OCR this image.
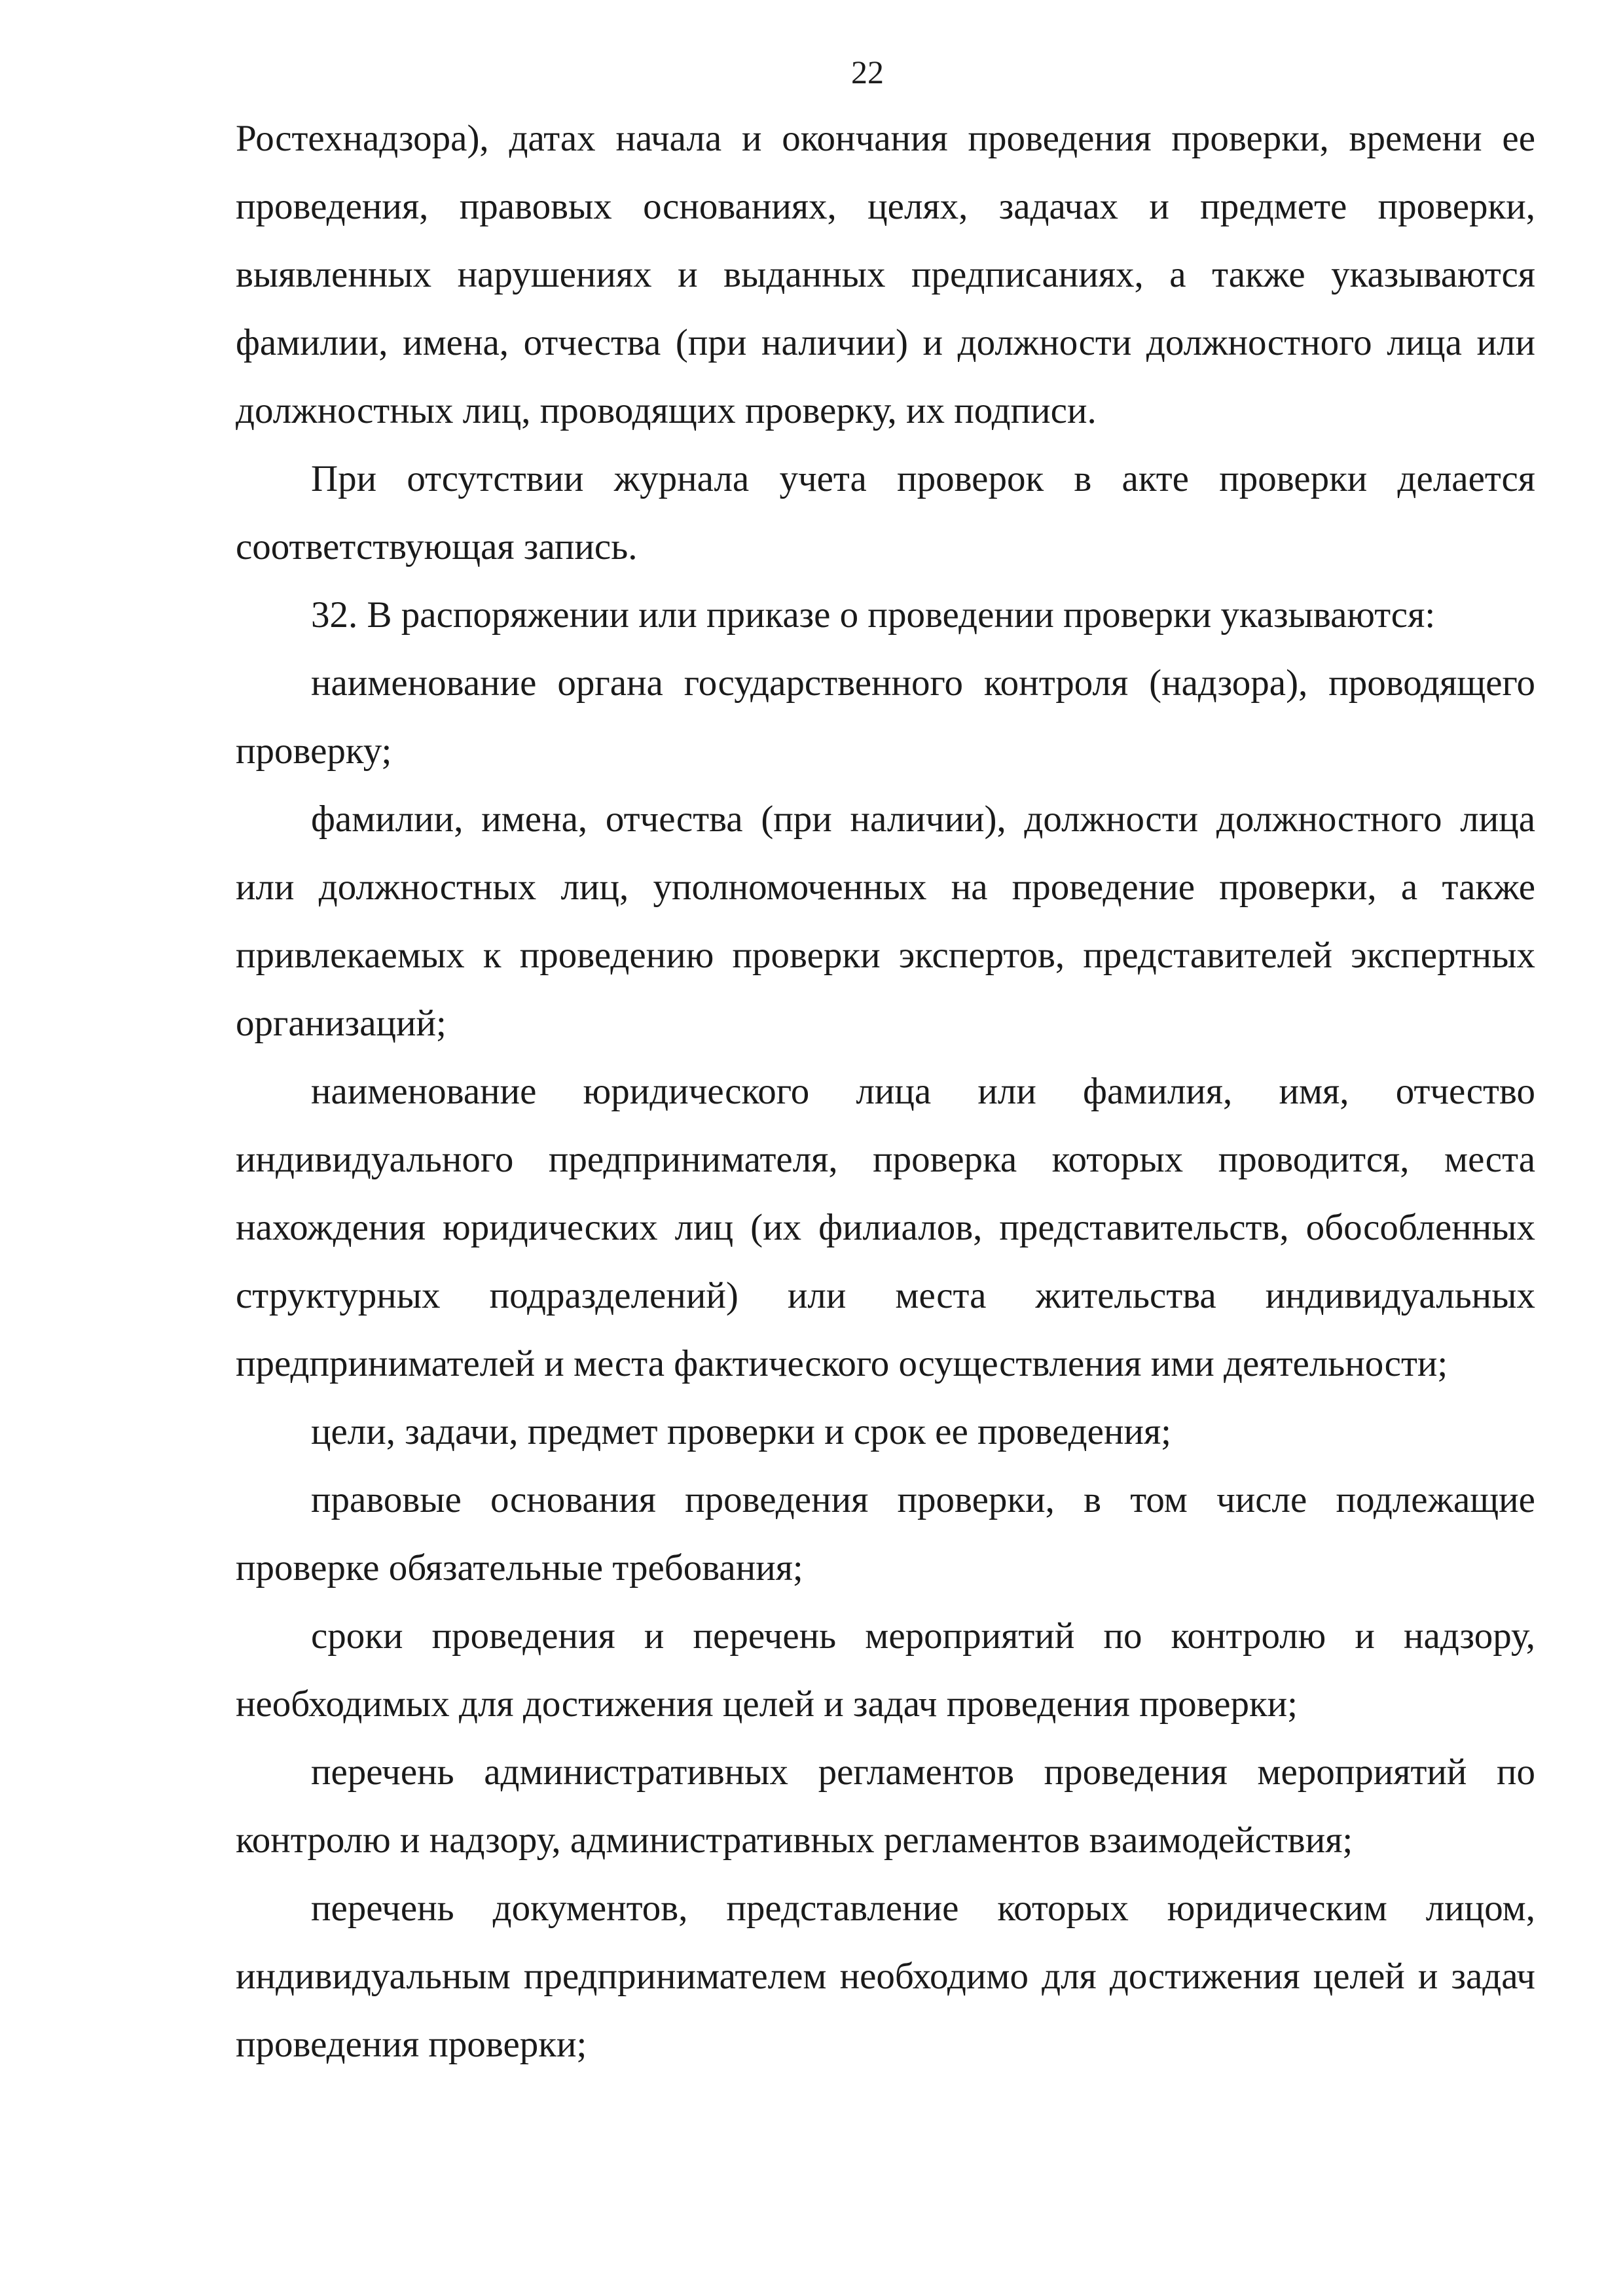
22

Ростехнадзора), датах начала и окончания проведения проверки, времени ее проведения, правовых основаниях, целях, задачах и предмете проверки, выявленных нарушениях и выданных предписаниях, а также указываются фамилии, имена, отчества (при наличии) и должности должностного лица или должностных лиц, проводящих проверку, их подписи.

При отсутствии журнала учета проверок в акте проверки делается соответствующая запись.

32. В распоряжении или приказе о проведении проверки указываются:

наименование органа государственного контроля (надзора), проводящего проверку;

фамилии, имена, отчества (при наличии), должности должностного лица или должностных лиц, уполномоченных на проведение проверки, а также привлекаемых к проведению проверки экспертов, представителей экспертных организаций;

наименование юридического лица или фамилия, имя, отчество индивидуального предпринимателя, проверка которых проводится, места нахождения юридических лиц (их филиалов, представительств, обособленных структурных подразделений) или места жительства индивидуальных предпринимателей и места фактического осуществления ими деятельности;

цели, задачи, предмет проверки и срок ее проведения;

правовые основания проведения проверки, в том числе подлежащие проверке обязательные требования;

сроки проведения и перечень мероприятий по контролю и надзору, необходимых для достижения целей и задач проведения проверки;

перечень административных регламентов проведения мероприятий по контролю и надзору, административных регламентов взаимодействия;

перечень документов, представление которых юридическим лицом, индивидуальным предпринимателем необходимо для достижения целей и задач проведения проверки;
